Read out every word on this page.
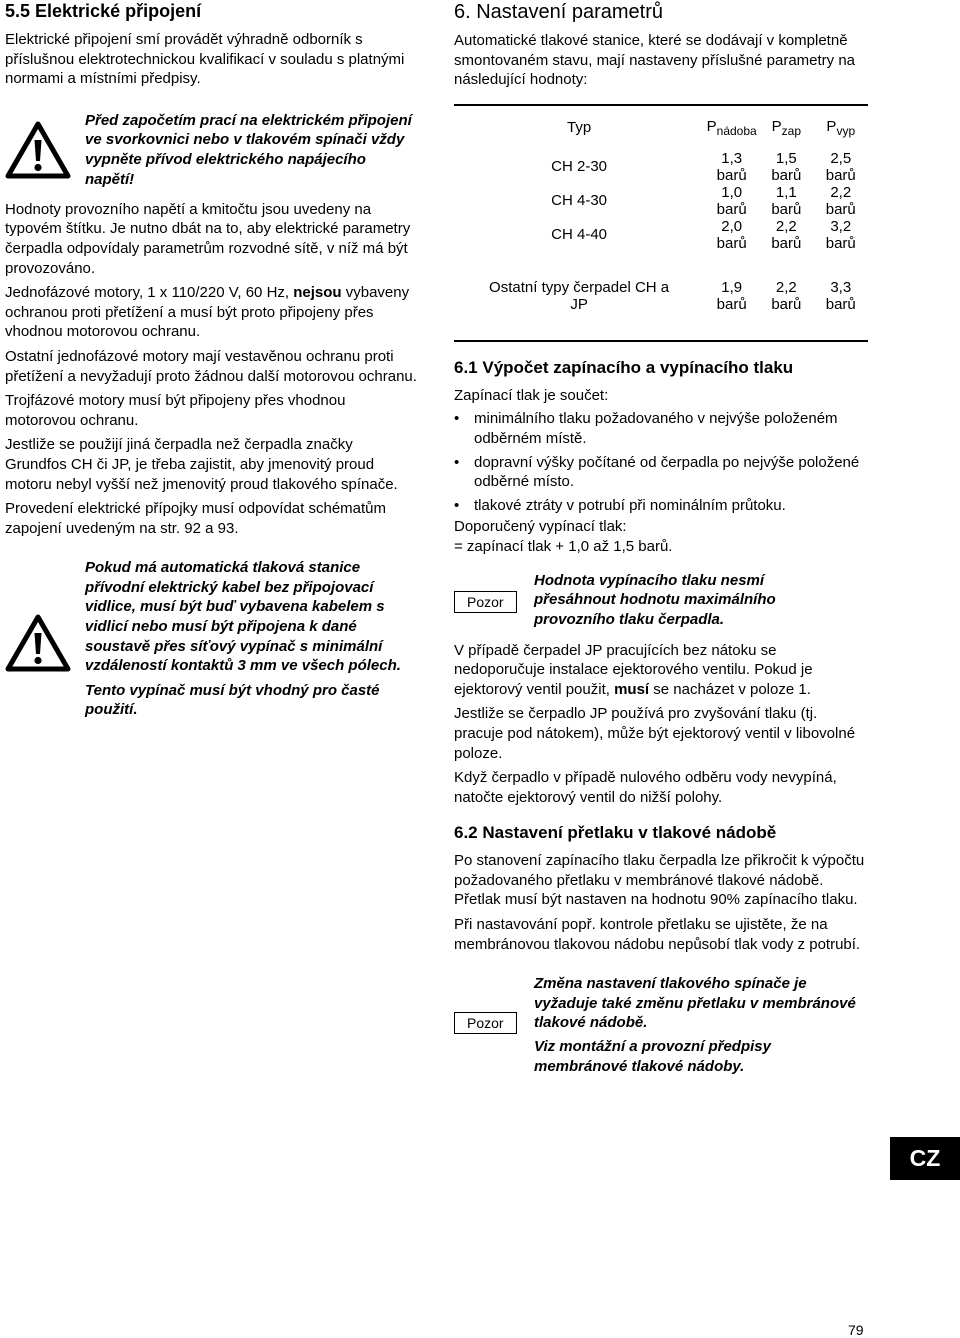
5.5 Elektrické připojení

Elektrické připojení smí provádět výhradně odborník s příslušnou elektrotechnickou kvalifikací v souladu s platnými normami a místními předpisy.

Před započetím prací na elektrickém připojení ve svorkovnici nebo v tlakovém spínači vždy vypněte přívod elektrického napájecího napětí!

Hodnoty provozního napětí a kmitočtu jsou uvedeny na typovém štítku. Je nutno dbát na to, aby elektrické parametry čerpadla odpovídaly parametrům rozvodné sítě, v níž má být provozováno.

Jednofázové motory, 1 x 110/220 V, 60 Hz, nejsou vybaveny ochranou proti přetížení a musí být proto připojeny přes vhodnou motorovou ochranu.

Ostatní jednofázové motory mají vestavěnou ochranu proti přetížení a nevyžadují proto žádnou další motorovou ochranu.

Trojfázové motory musí být připojeny přes vhodnou motorovou ochranu.

Jestliže se použijí jiná čerpadla než čerpadla značky Grundfos CH či JP, je třeba zajistit, aby jmenovitý proud motoru nebyl vyšší než jmenovitý proud tlakového spínače.

Provedení elektrické přípojky musí odpovídat schématům zapojení uvedeným na str. 92 a 93.

Pokud má automatická tlaková stanice přívodní elektrický kabel bez připojovací vidlice, musí být buď vybavena kabelem s vidlicí nebo musí být připojena k dané soustavě přes síťový vypínač s minimální vzdáleností kontaktů 3 mm ve všech pólech.
Tento vypínač musí být vhodný pro časté použití.
6. Nastavení parametrů

Automatické tlakové stanice, které se dodávají v kompletně smontovaném stavu, mají nastaveny příslušné parametry na následující hodnoty:

Typ	$P_{nádoba}$	$P_{zap}$	$P_{vyp}$
CH 2-30	1,3 barů	1,5 barů	2,5 barů
CH 4-30	1,0 barů	1,1 barů	2,2 barů
CH 4-40	2,0 barů	2,2 barů	3,2 barů
Ostatní typy čerpadel CH a JP	1,9 barů	2,2 barů	3,3 barů
6.1 Výpočet zapínacího a vypínacího tlaku

Zapínací tlak je součet:

• minimálního tlaku požadovaného v nejvýše položeném odběrném místě.
• dopravní výšky počítané od čerpadla po nejvýše položené odběrné místo.
• tlakové ztráty v potrubí při nominálním průtoku.

Doporučený vypínací tlak:

= zapínací tlak + 1,0 až 1,5 barů.

Pozor
Hodnota vypínacího tlaku nesmí přesáhnout hodnotu maximálního provozního tlaku čerpadla.

V případě čerpadel JP pracujících bez nátoku se nedoporučuje instalace ejektorového ventilu. Pokud je ejektorový ventil použit, musí se nacházet v poloze 1.

Jestliže se čerpadlo JP používá pro zvyšování tlaku (tj. pracuje pod nátokem), může být ejektorový ventil v libovolné poloze.

Když čerpadlo v případě nulového odběru vody nevypíná, natočte ejektorový ventil do nižší polohy.

6.2 Nastavení přetlaku v tlakové nádobě

Po stanovení zapínacího tlaku čerpadla lze přikročit k výpočtu požadovaného přetlaku v membránové tlakové nádobě. Přetlak musí být nastaven na hodnotu 90% zapínacího tlaku.

Při nastavování popř. kontrole přetlaku se ujistěte, že na membránovou tlakovou nádobu nepůsobí tlak vody z potrubí.

Pozor
Změna nastavení tlakového spínače je vyžaduje také změnu přetlaku v membránové tlakové nádobě.
Viz montážní a provozní předpisy membránové tlakové nádoby.
CZ
79
